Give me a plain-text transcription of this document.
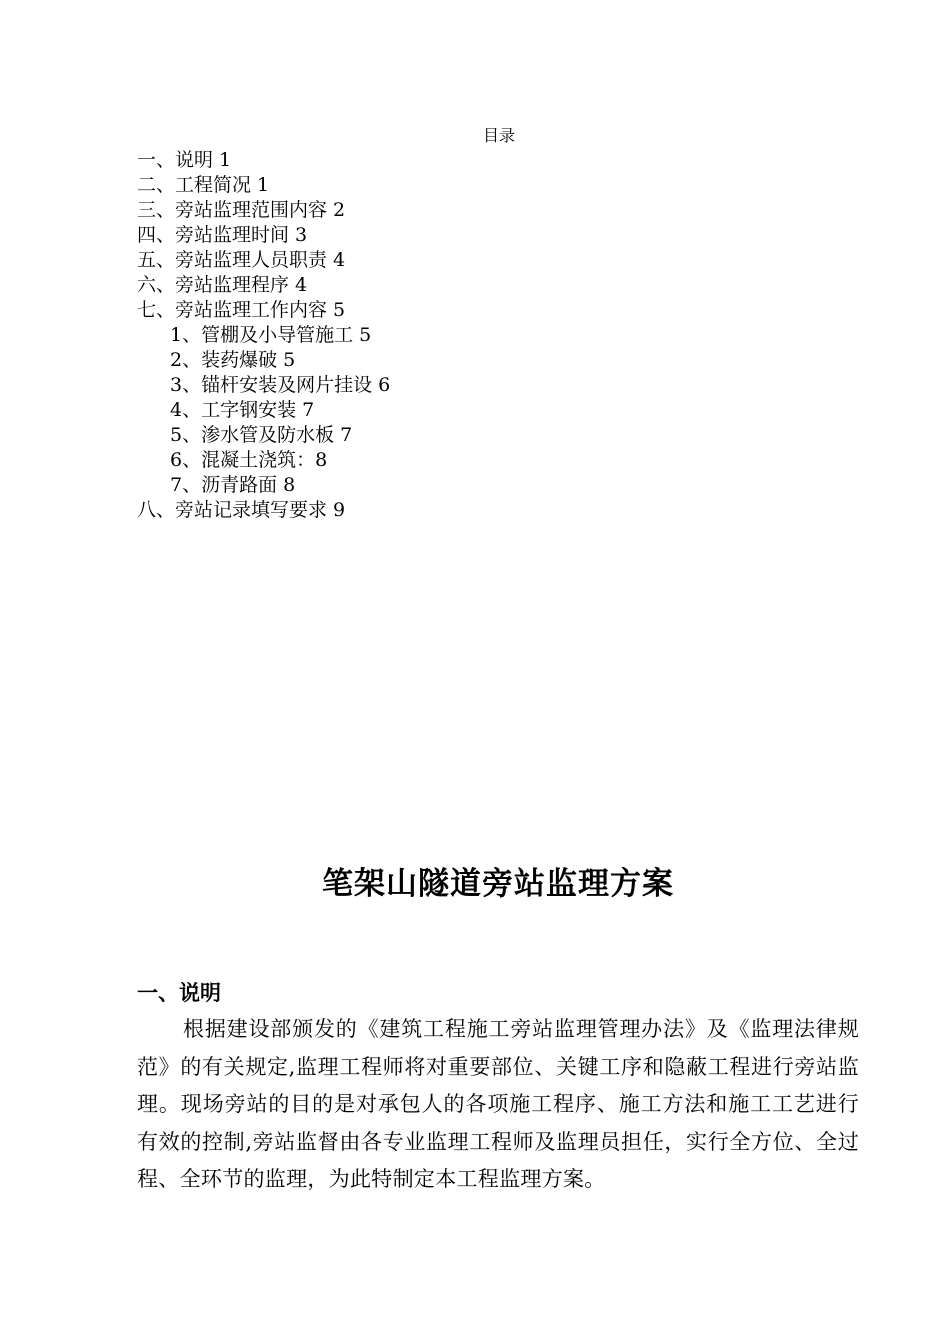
目录
一、说明 1
二、工程简况 1
三、旁站监理范围内容 2
四、旁站监理时间 3
五、旁站监理人员职责 4
六、旁站监理程序 4
七、旁站监理工作内容 5
1、管棚及小导管施工 5
2、装药爆破 5
3、锚杆安装及网片挂设 6
4、工字钢安装 7
5、渗水管及防水板 7
6、混凝土浇筑：8
7、沥青路面 8
八、旁站记录填写要求 9
笔架山隧道旁站监理方案
一、说明

根据建设部颁发的《建筑工程施工旁站监理管理办法》及《监理法律规范》的有关规定,监理工程师将对重要部位、关键工序和隐蔽工程进行旁站监理。现场旁站的目的是对承包人的各项施工程序、施工方法和施工工艺进行有效的控制,旁站监督由各专业监理工程师及监理员担任，实行全方位、全过程、全环节的监理，为此特制定本工程监理方案。
